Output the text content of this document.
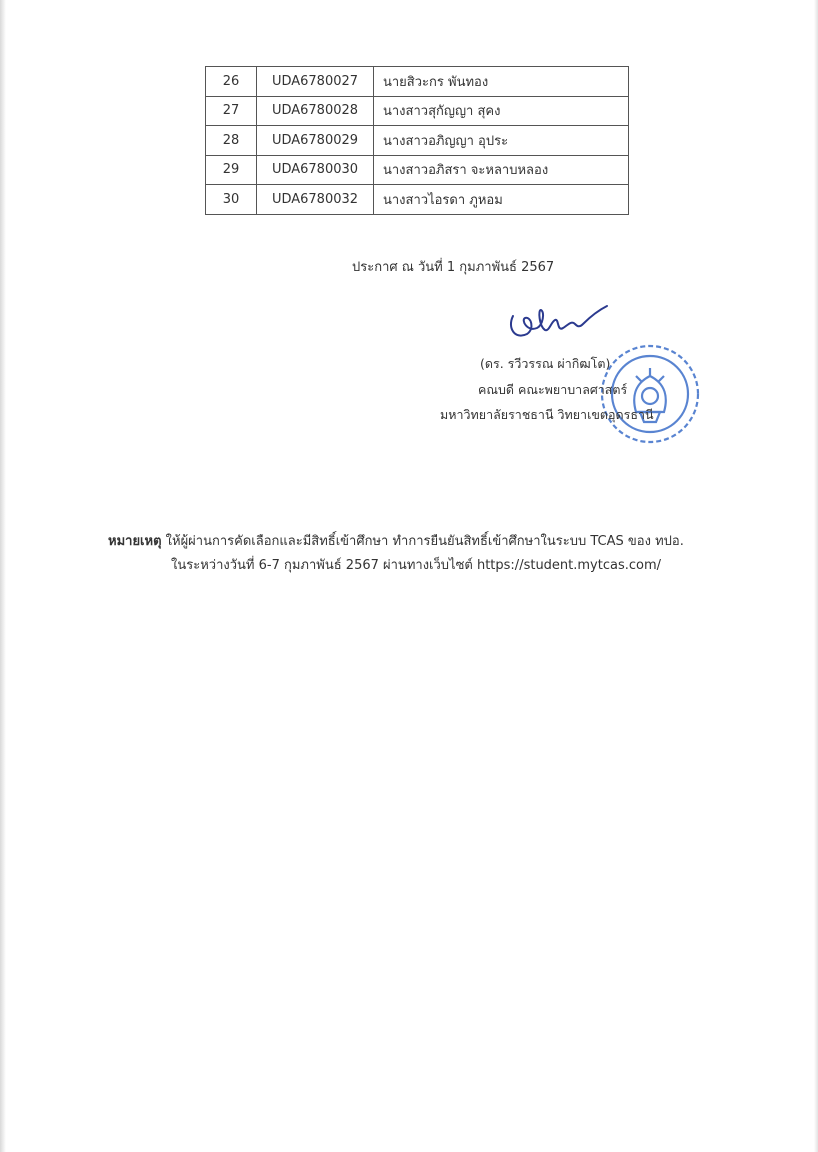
26	UDA6780027	นายสิวะกร พันทอง
27	UDA6780028	นางสาวสุกัญญา สุคง
28	UDA6780029	นางสาวอภิญญา อุประ
29	UDA6780030	นางสาวอภิสรา จะหลาบหลอง
30	UDA6780032	นางสาวไอรดา ภูหอม
ประกาศ ณ วันที่ 1 กุมภาพันธ์ 2567
(ดร. รวีวรรณ ผ่ากิฒโต)
คณบดี คณะพยาบาลศาสตร์
มหาวิทยาลัยราชธานี วิทยาเขตอุดรธานี
หมายเหตุ ให้ผู้ผ่านการคัดเลือกและมีสิทธิ์เข้าศึกษา ทำการยืนยันสิทธิ์เข้าศึกษาในระบบ TCAS ของ ทปอ.
ในระหว่างวันที่ 6-7 กุมภาพันธ์ 2567 ผ่านทางเว็บไซต์ https://student.mytcas.com/
